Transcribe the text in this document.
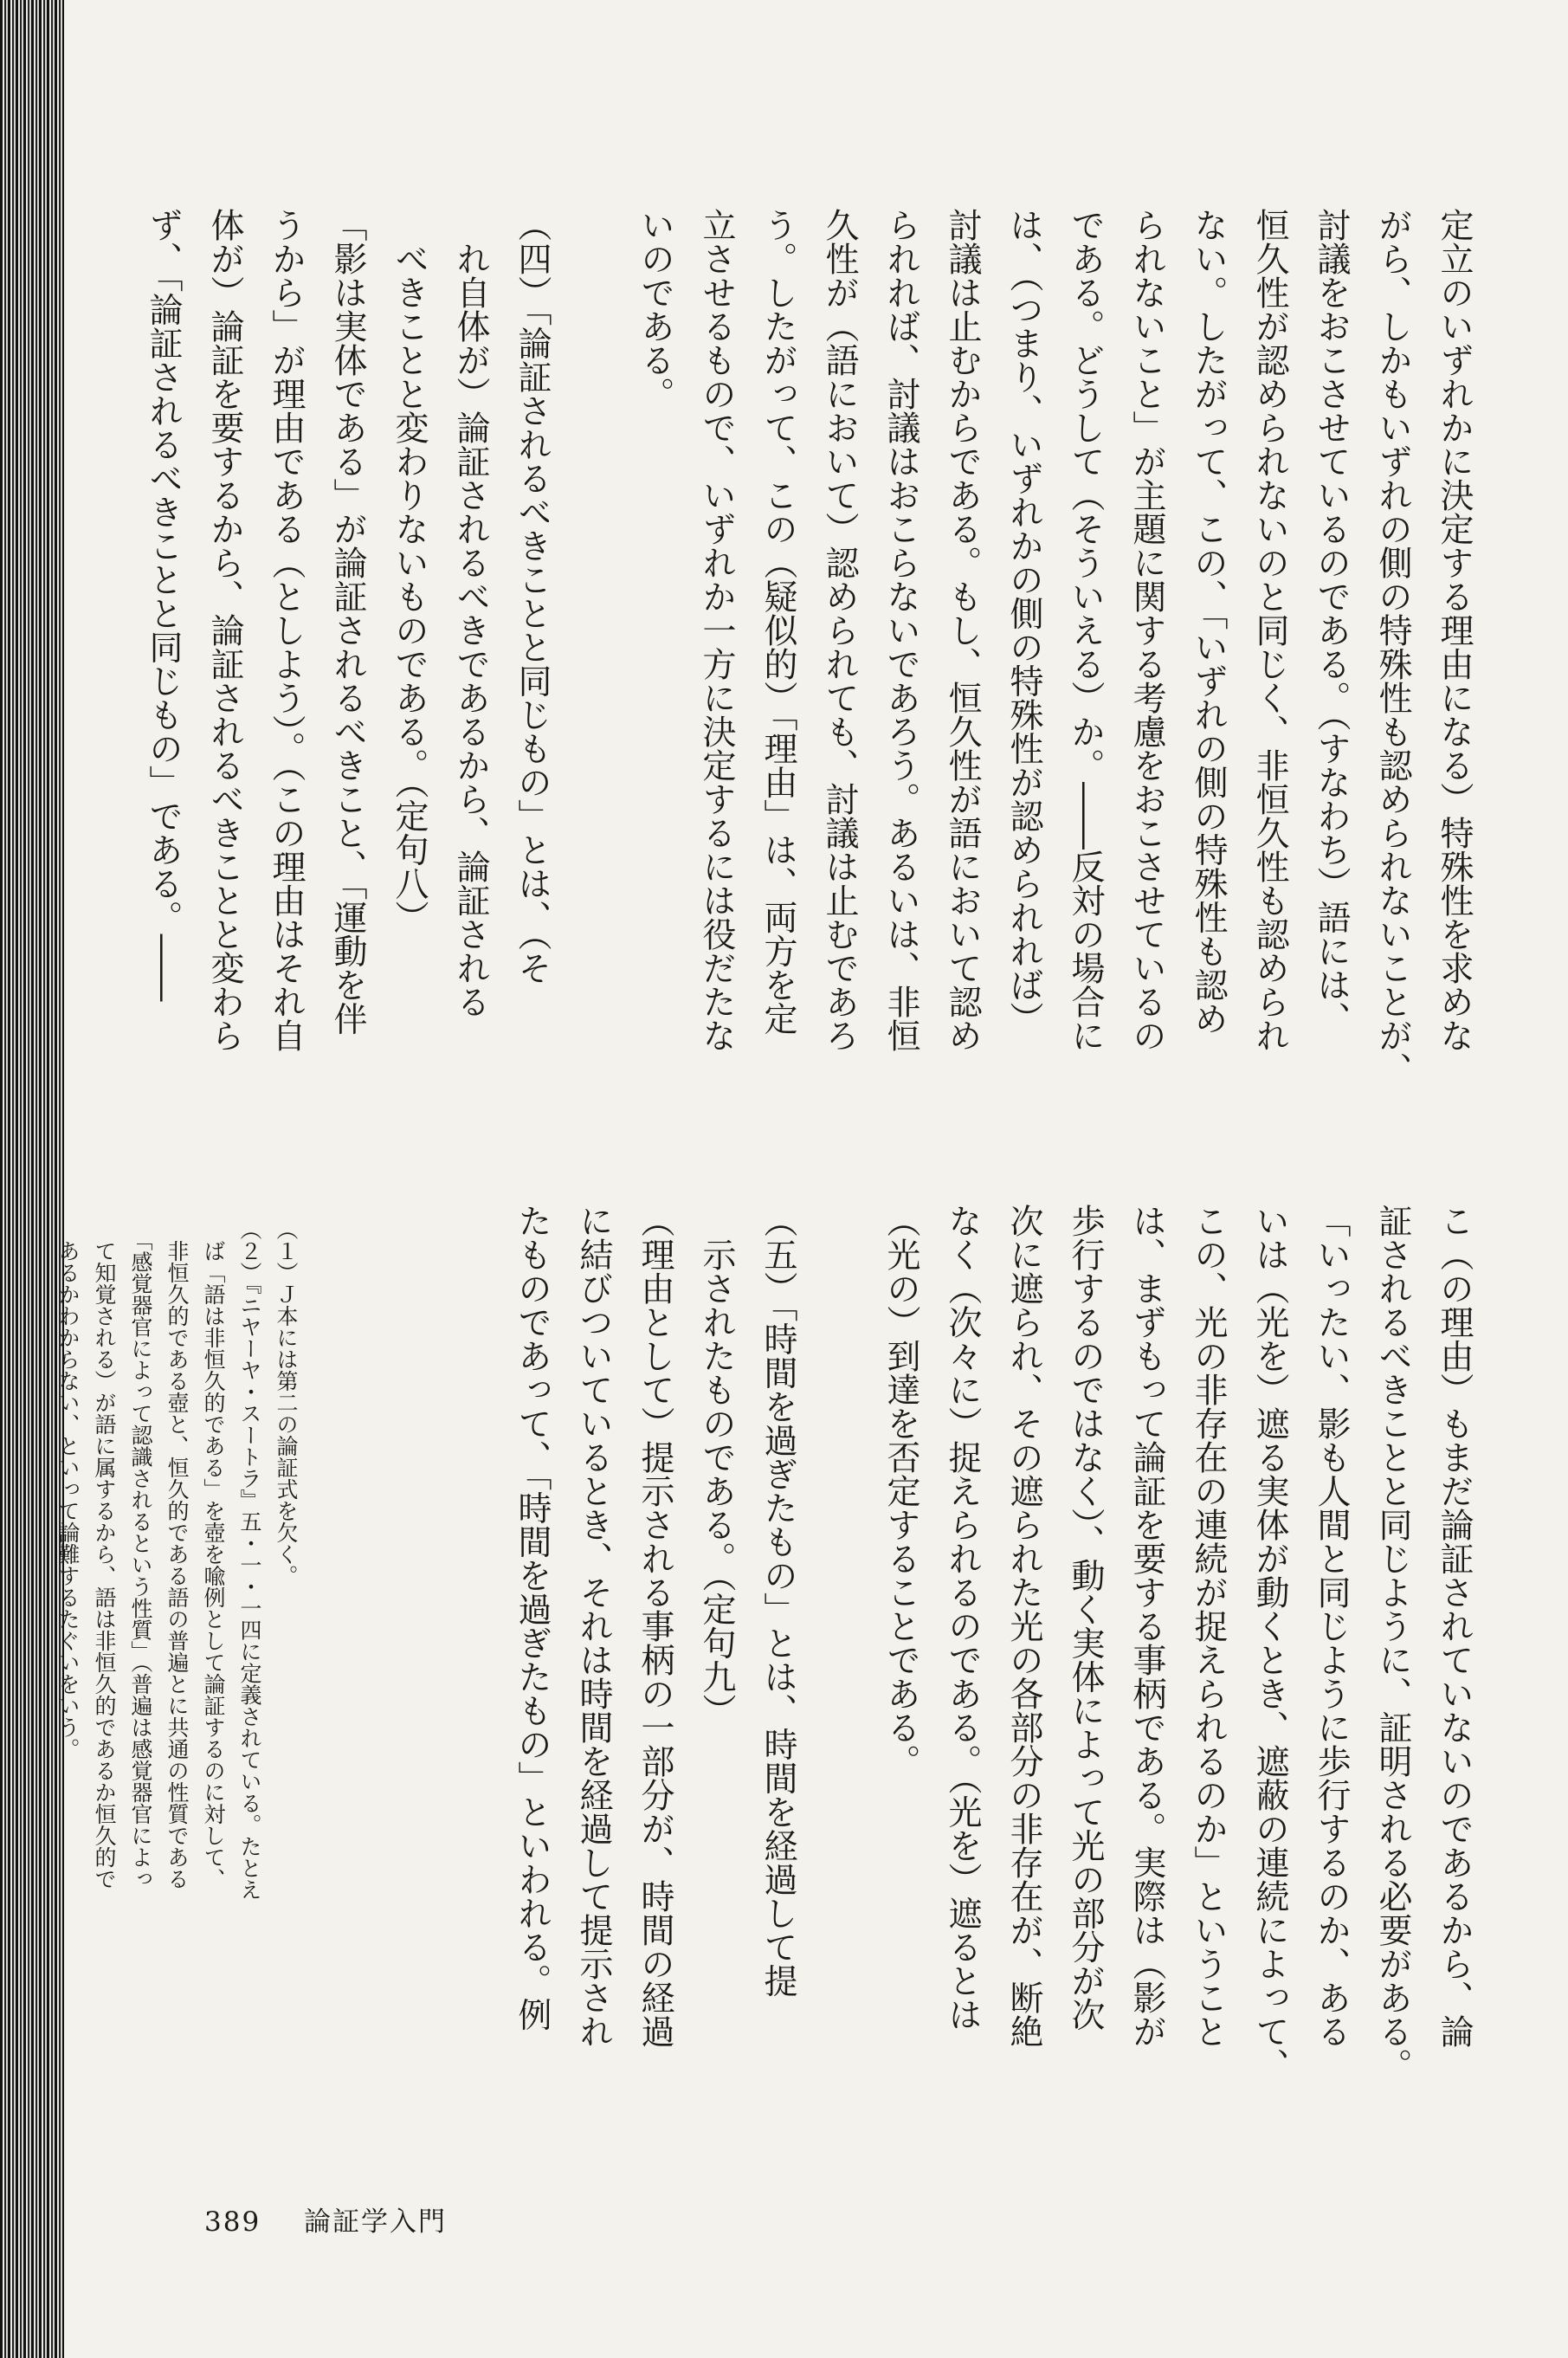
定立のいずれかに決定する理由になる）特殊性を求めな
がら、しかもいずれの側の特殊性も認められないことが、
討議をおこさせているのである。（すなわち）語には、
恒久性が認められないのと同じく、非恒久性も認められ
ない。したがって、この、「いずれの側の特殊性も認め
られないこと」が主題に関する考慮をおこさせているの
である。どうして（そういえる）か。――反対の場合に
は、（つまり、いずれかの側の特殊性が認められれば）
討議は止むからである。もし、恒久性が語において認め
られれば、討議はおこらないであろう。あるいは、非恒
久性が（語において）認められても、討議は止むであろ
う。したがって、この（疑似的）「理由」は、両方を定
立させるもので、いずれか一方に決定するには役だたな
いのである。

（四）「論証されるべきことと同じもの」とは、（そ
　れ自体が）論証されるべきであるから、論証される
　べきことと変わりないものである。（定句八）
「影は実体である」が論証されるべきこと、「運動を伴
うから」が理由である（としよう）。（この理由はそれ自
体が）論証を要するから、論証されるべきことと変わら
ず、「論証されるべきことと同じもの」である。――
こ（の理由）もまだ論証されていないのであるから、論
証されるべきことと同じように、証明される必要がある。
「いったい、影も人間と同じように歩行するのか、ある
いは（光を）遮る実体が動くとき、遮蔽の連続によって、
この、光の非存在の連続が捉えられるのか」ということ
は、まずもって論証を要する事柄である。実際は（影が
歩行するのではなく）、動く実体によって光の部分が次
次に遮られ、その遮られた光の各部分の非存在が、断絶
なく（次々に）捉えられるのである。（光を）遮るとは
（光の）到達を否定することである。

（五）「時間を過ぎたもの」とは、時間を経過して提
　示されたものである。（定句九）
（理由として）提示される事柄の一部分が、時間の経過
に結びついているとき、それは時間を経過して提示され
たものであって、「時間を過ぎたもの」といわれる。例
（１）Ｊ本には第二の論証式を欠く。
（２）『ニヤーヤ・スートラ』五・一・一四に定義されている。たとえ
　ば「語は非恒久的である」を壺を喩例として論証するのに対して、
　非恒久的である壺と、恒久的である語の普遍とに共通の性質である
　「感覚器官によって認識されるという性質」（普遍は感覚器官によっ
　て知覚される）が語に属するから、語は非恒久的であるか恒久的で
　あるかわからない、といって論難するたぐいをいう。
389 論証学入門
